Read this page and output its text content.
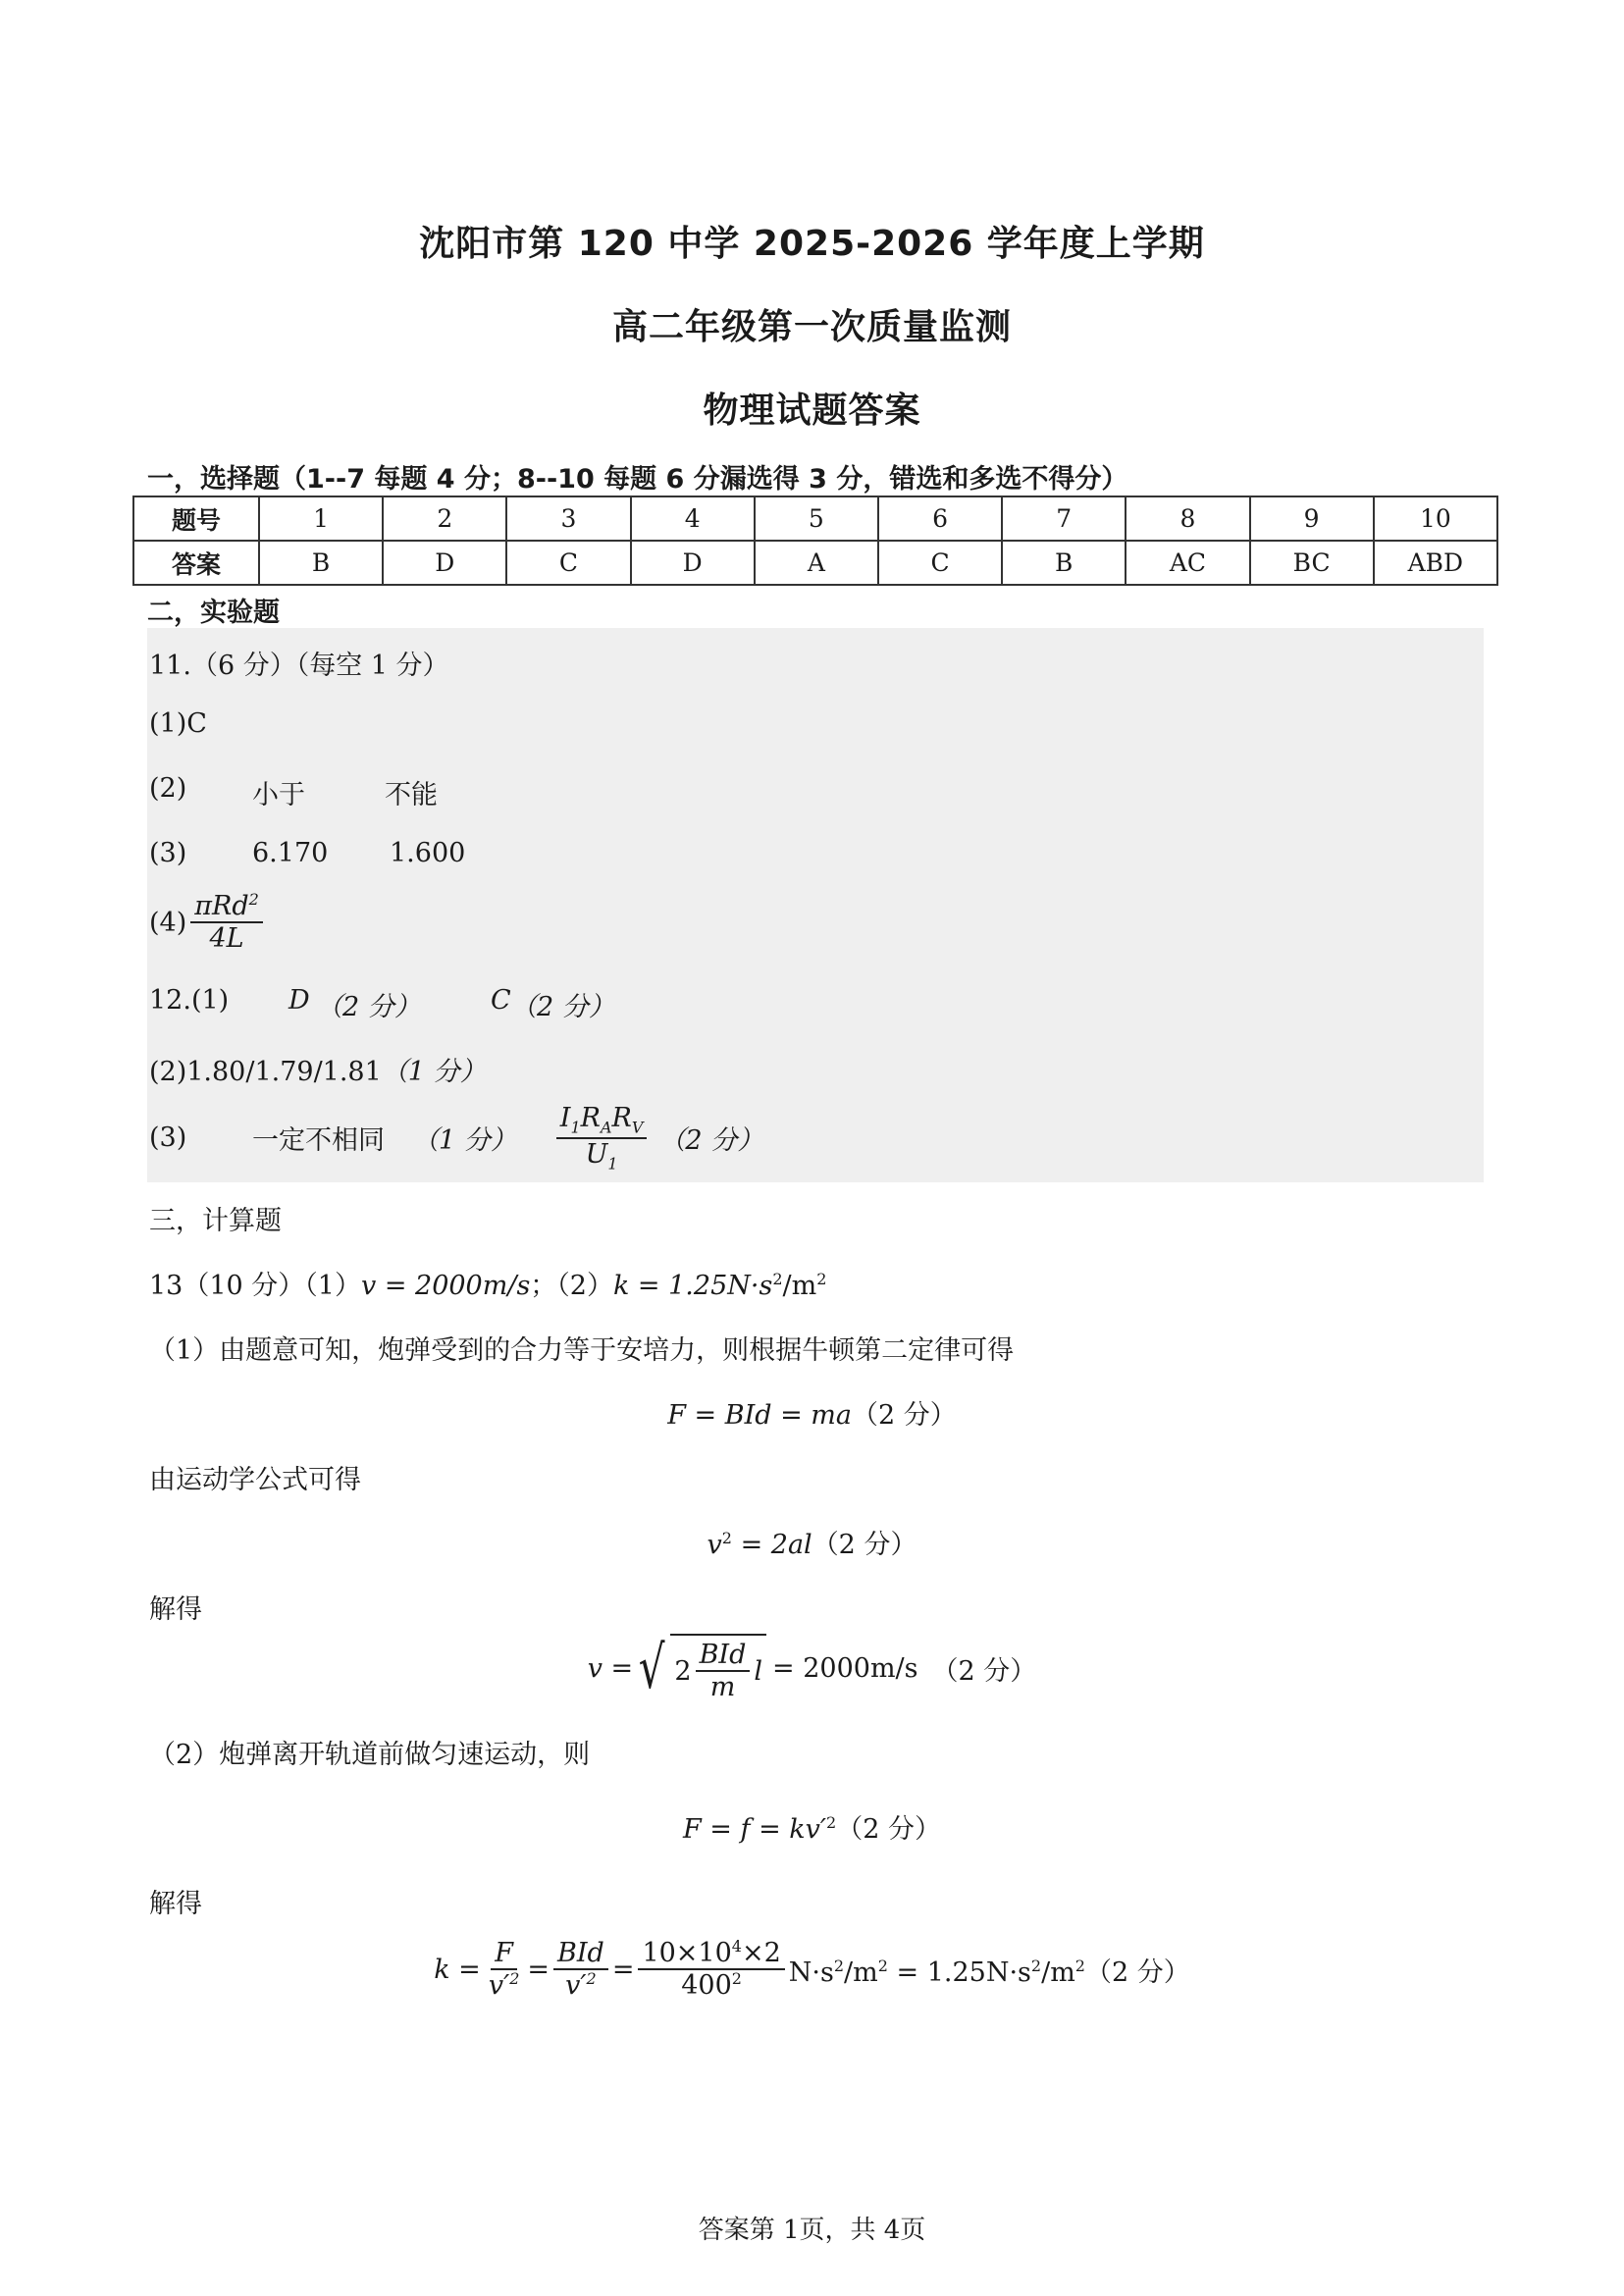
沈阳市第 120 中学 2025-2026 学年度上学期
高二年级第一次质量监测
物理试题答案
一，选择题（1--7 每题 4 分；8--10 每题 6 分漏选得 3 分，错选和多选不得分）
题号	1	2	3	4	5	6	7	8	9	10
答案	B	D	C	D	A	C	B	AC	BC	ABD
二，实验题
11.（6 分）（每空 1 分）
(1)C
(2) 小于	不能
(3) 6.170 1.600
$(4) \frac{\pi Rd^2}{4L}$
12.(1) D （2 分）	C （2 分）
(2)1.80/1.79/1.81（1 分）
(3)	一定不相同 （1 分） $\frac{I_1R_AR_V}{U_1} (2$ 分）
三，计算题
13（10 分）（1）v = 2000m/s；$(2)k = 1.25N\cdot s^2/m^2$
（1）由题意可知，炮弹受到的合力等于安培力，则根据牛顿第二定律可得
F = BId = ma（2 分）
由运动学公式可得
$v^2 = 2al(2$ 分）
解得
v = √ $2 \frac{\text{BId}}{m}$ l = 2000m/s （2 分）
（2）炮弹离开轨道前做匀速运动，则
$F = f = kv'^2(2$ 分）
解得
$k = \frac{F}{v'^2} = \frac{\text{BId}}{v'^2} = \frac{10\times 10^4\times 2}{400^2} N\cdot s^2/m^2 = 1.25N\cdot s^2/m^2(2$ 分）
答案第 1页，共 4页
